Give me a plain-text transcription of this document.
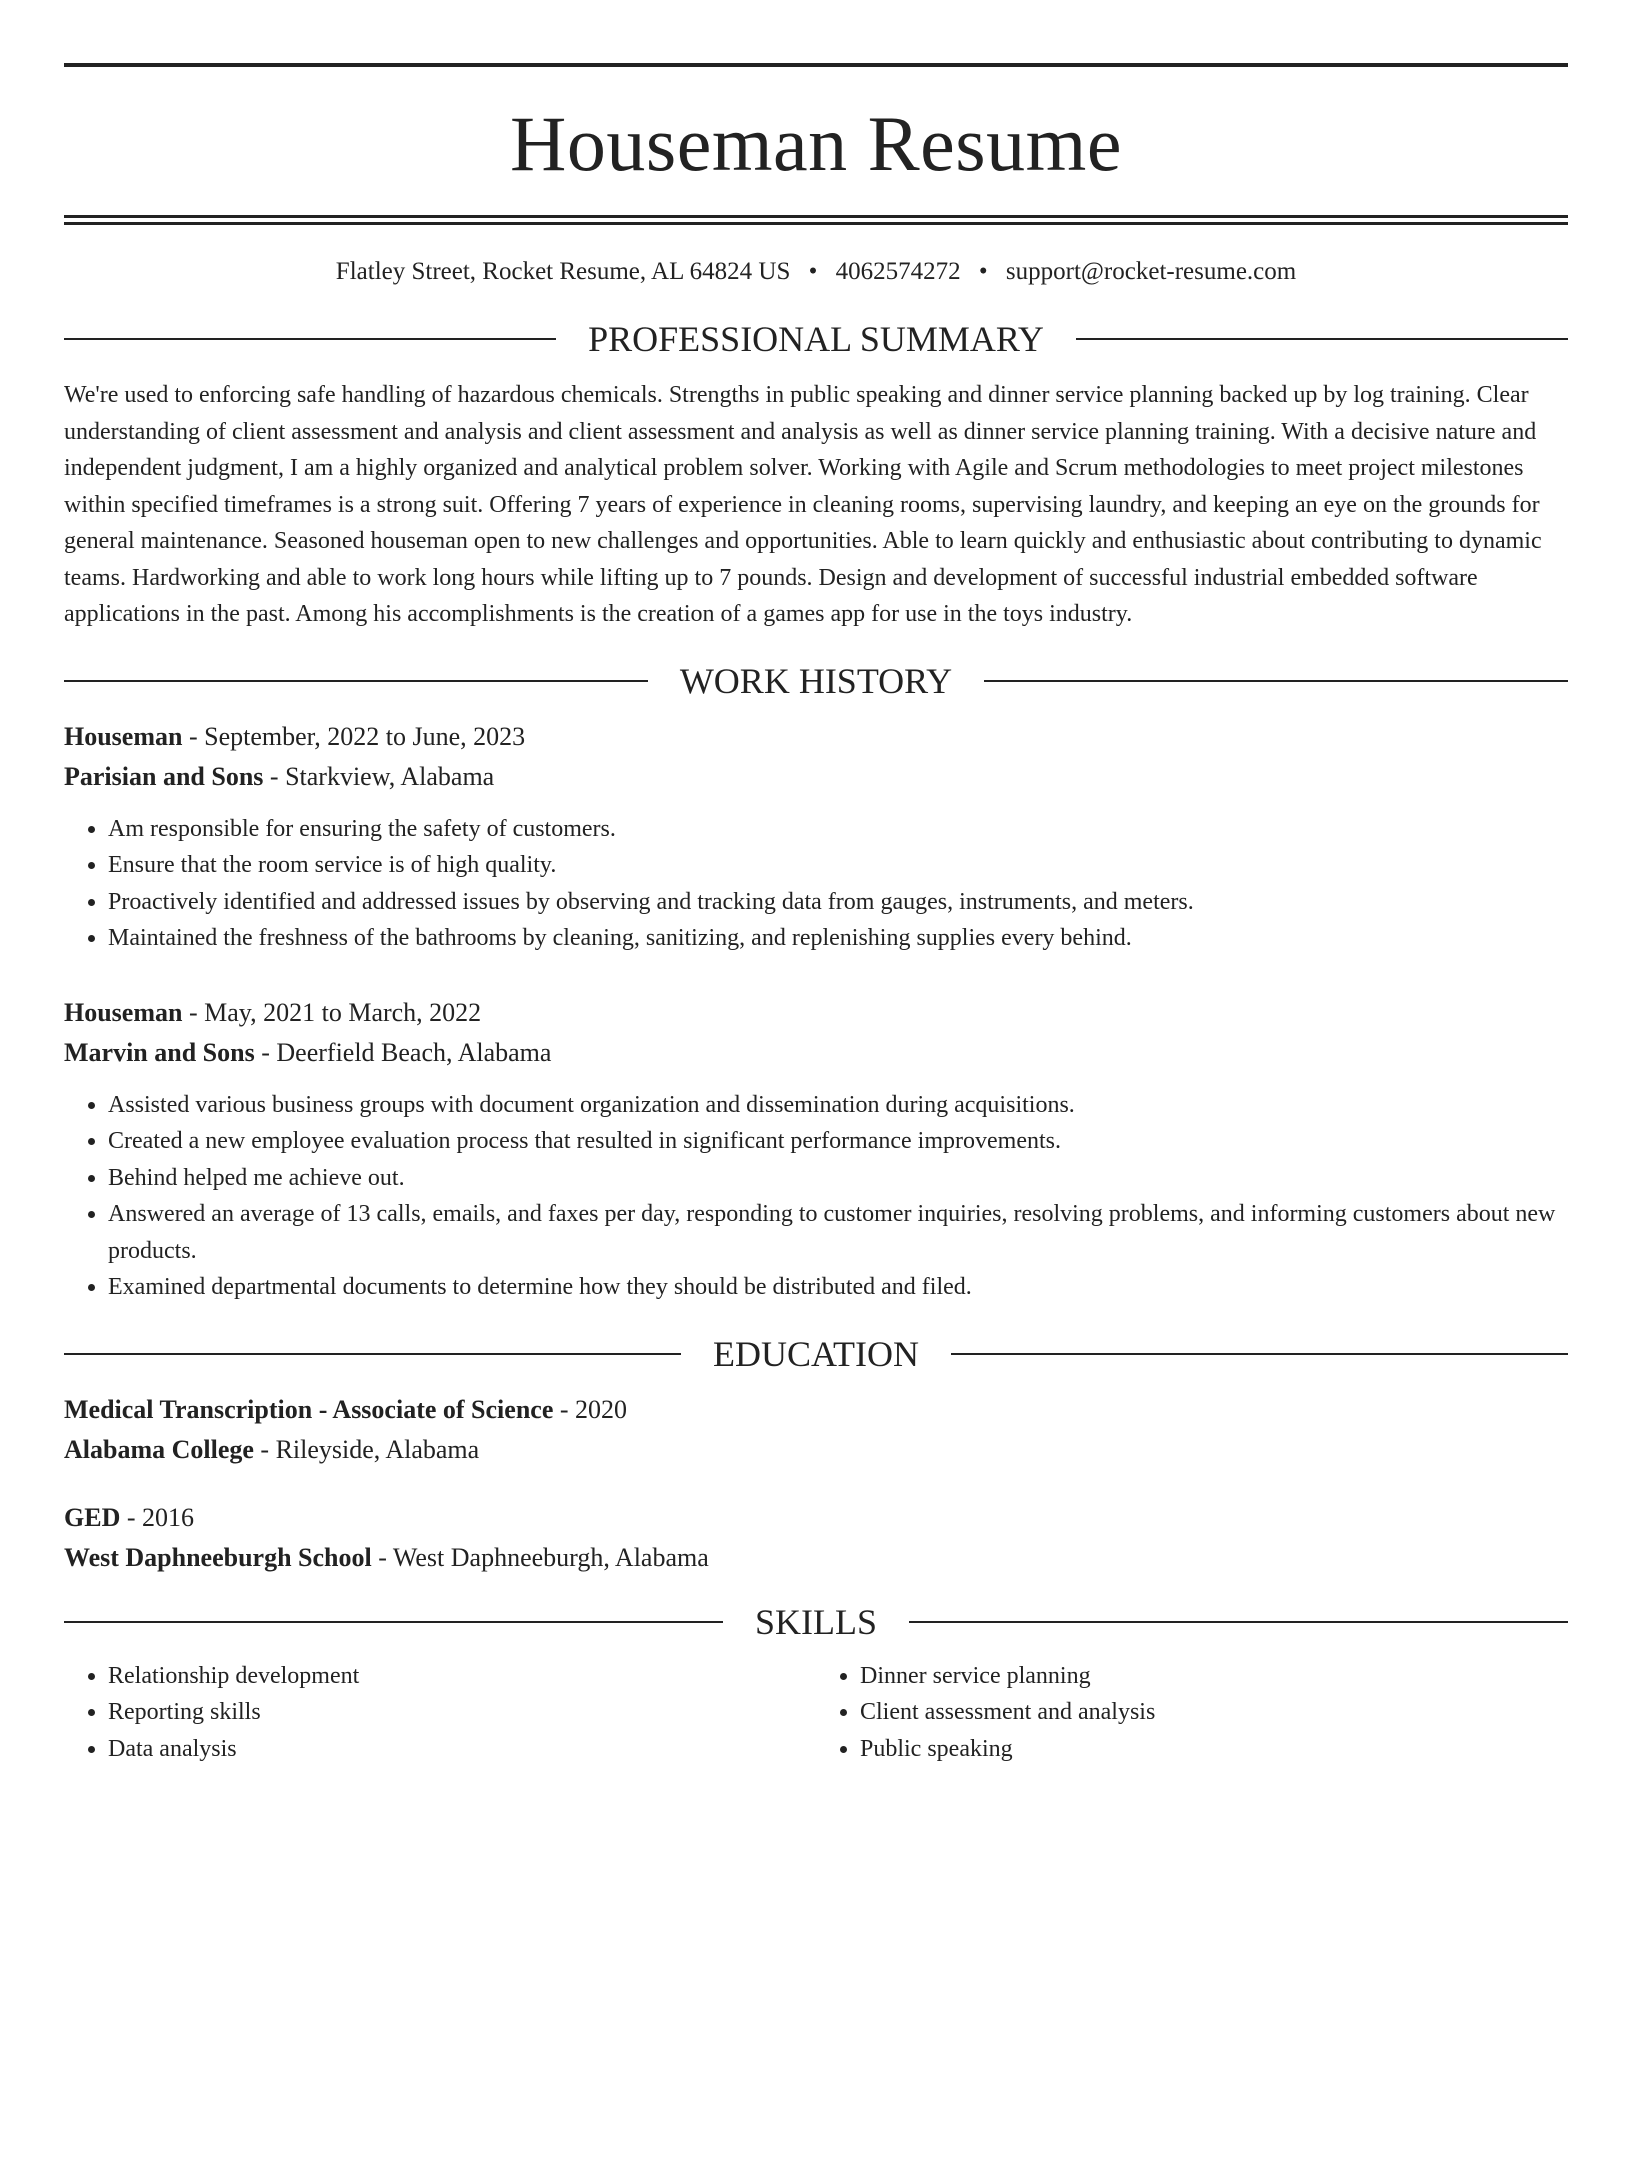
Houseman Resume
Flatley Street, Rocket Resume, AL 64824 US • 4062574272 • support@rocket-resume.com
PROFESSIONAL SUMMARY
We're used to enforcing safe handling of hazardous chemicals. Strengths in public speaking and dinner service planning backed up by log training. Clear understanding of client assessment and analysis and client assessment and analysis as well as dinner service planning training. With a decisive nature and independent judgment, I am a highly organized and analytical problem solver. Working with Agile and Scrum methodologies to meet project milestones within specified timeframes is a strong suit. Offering 7 years of experience in cleaning rooms, supervising laundry, and keeping an eye on the grounds for general maintenance. Seasoned houseman open to new challenges and opportunities. Able to learn quickly and enthusiastic about contributing to dynamic teams. Hardworking and able to work long hours while lifting up to 7 pounds. Design and development of successful industrial embedded software applications in the past. Among his accomplishments is the creation of a games app for use in the toys industry.
WORK HISTORY
Houseman - September, 2022 to June, 2023
Parisian and Sons - Starkview, Alabama
• Am responsible for ensuring the safety of customers.
• Ensure that the room service is of high quality.
• Proactively identified and addressed issues by observing and tracking data from gauges, instruments, and meters.
• Maintained the freshness of the bathrooms by cleaning, sanitizing, and replenishing supplies every behind.
Houseman - May, 2021 to March, 2022
Marvin and Sons - Deerfield Beach, Alabama
• Assisted various business groups with document organization and dissemination during acquisitions.
• Created a new employee evaluation process that resulted in significant performance improvements.
• Behind helped me achieve out.
• Answered an average of 13 calls, emails, and faxes per day, responding to customer inquiries, resolving problems, and informing customers about new products.
• Examined departmental documents to determine how they should be distributed and filed.
EDUCATION
Medical Transcription - Associate of Science - 2020
Alabama College - Rileyside, Alabama
GED - 2016
West Daphneeburgh School - West Daphneeburgh, Alabama
SKILLS
• Relationship development
• Reporting skills
• Data analysis
• Dinner service planning
• Client assessment and analysis
• Public speaking
